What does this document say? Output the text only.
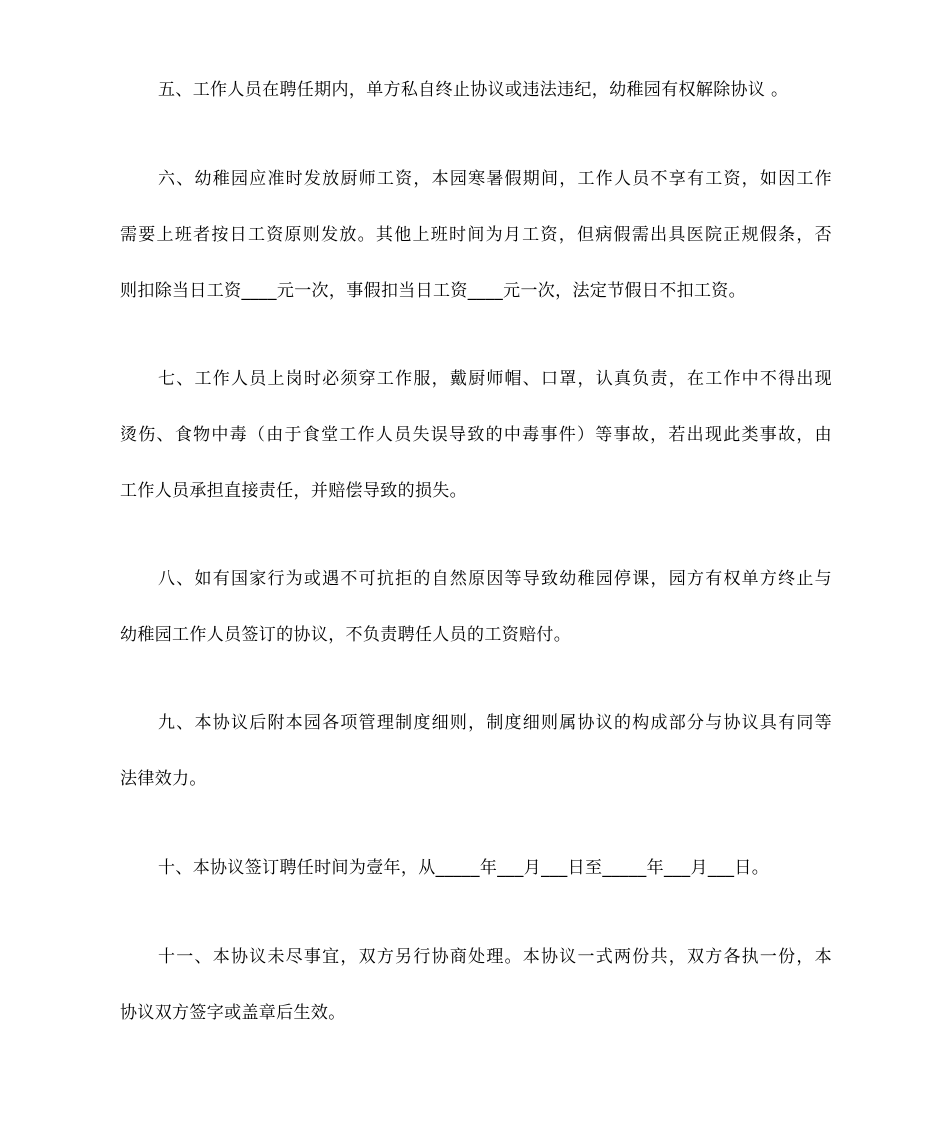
五、工作人员在聘任期内，单方私自终止协议或违法违纪，幼稚园有权解除协议 。
六、幼稚园应准时发放厨师工资，本园寒暑假期间，工作人员不享有工资，如因工作
需要上班者按日工资原则发放。其他上班时间为月工资，但病假需出具医院正规假条，否
则扣除当日工资____元一次，事假扣当日工资____元一次，法定节假日不扣工资。
七、工作人员上岗时必须穿工作服，戴厨师帽、口罩，认真负责，在工作中不得出现
烫伤、食物中毒（由于食堂工作人员失误导致的中毒事件）等事故，若出现此类事故，由
工作人员承担直接责任，并赔偿导致的损失。
八、如有国家行为或遇不可抗拒的自然原因等导致幼稚园停课，园方有权单方终止与
幼稚园工作人员签订的协议，不负责聘任人员的工资赔付。
九、本协议后附本园各项管理制度细则，制度细则属协议的构成部分与协议具有同等
法律效力。
十、本协议签订聘任时间为壹年，从_____年___月___日至_____年___月___日。
十一、本协议未尽事宜，双方另行协商处理。本协议一式两份共，双方各执一份，本
协议双方签字或盖章后生效。
